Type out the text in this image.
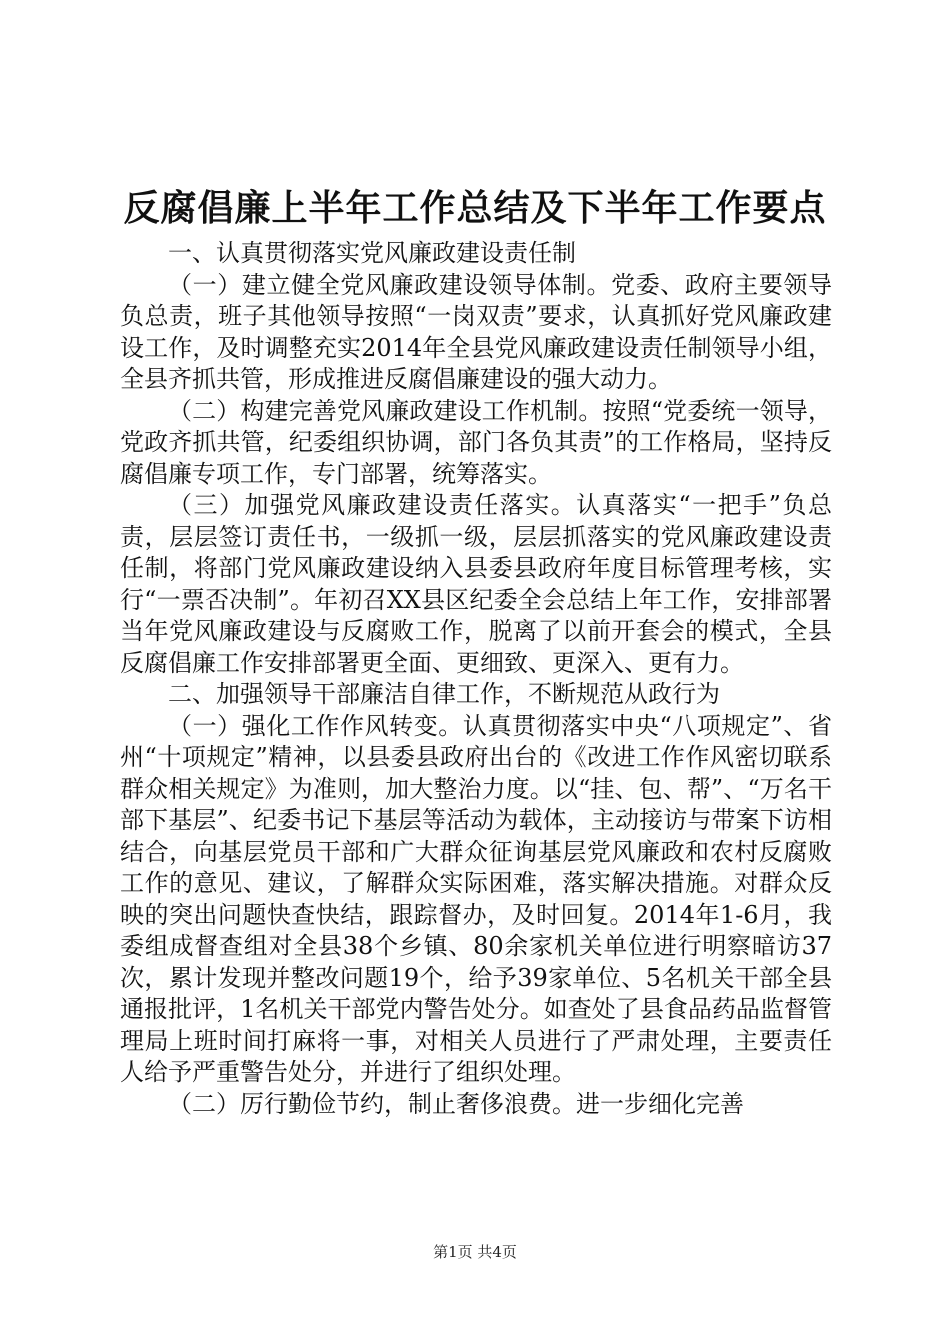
反腐倡廉上半年工作总结及下半年工作要点

一、认真贯彻落实党风廉政建设责任制

（一）建立健全党风廉政建设领导体制。党委、政府主要领导负总责，班子其他领导按照“一岗双责”要求，认真抓好党风廉政建设工作，及时调整充实2014年全县党风廉政建设责任制领导小组，全县齐抓共管，形成推进反腐倡廉建设的强大动力。

（二）构建完善党风廉政建设工作机制。按照“党委统一领导，党政齐抓共管，纪委组织协调，部门各负其责”的工作格局，坚持反腐倡廉专项工作，专门部署，统筹落实。

（三）加强党风廉政建设责任落实。认真落实“一把手”负总责，层层签订责任书，一级抓一级，层层抓落实的党风廉政建设责任制，将部门党风廉政建设纳入县委县政府年度目标管理考核，实行“一票否决制”。年初召XX县区纪委全会总结上年工作，安排部署当年党风廉政建设与反腐败工作，脱离了以前开套会的模式，全县反腐倡廉工作安排部署更全面、更细致、更深入、更有力。

二、加强领导干部廉洁自律工作，不断规范从政行为

（一）强化工作作风转变。认真贯彻落实中央“八项规定”、省州“十项规定”精神，以县委县政府出台的《改进工作作风密切联系群众相关规定》为准则，加大整治力度。以“挂、包、帮”、“万名干部下基层”、纪委书记下基层等活动为载体，主动接访与带案下访相结合，向基层党员干部和广大群众征询基层党风廉政和农村反腐败工作的意见、建议，了解群众实际困难，落实解决措施。对群众反映的突出问题快查快结，跟踪督办，及时回复。2014年1-6月，我委组成督查组对全县38个乡镇、80余家机关单位进行明察暗访37次，累计发现并整改问题19个，给予39家单位、5名机关干部全县通报批评，1名机关干部党内警告处分。如查处了县食品药品监督管理局上班时间打麻将一事，对相关人员进行了严肃处理，主要责任人给予严重警告处分，并进行了组织处理。

（二）厉行勤俭节约，制止奢侈浪费。进一步细化完善

第1页 共4页
